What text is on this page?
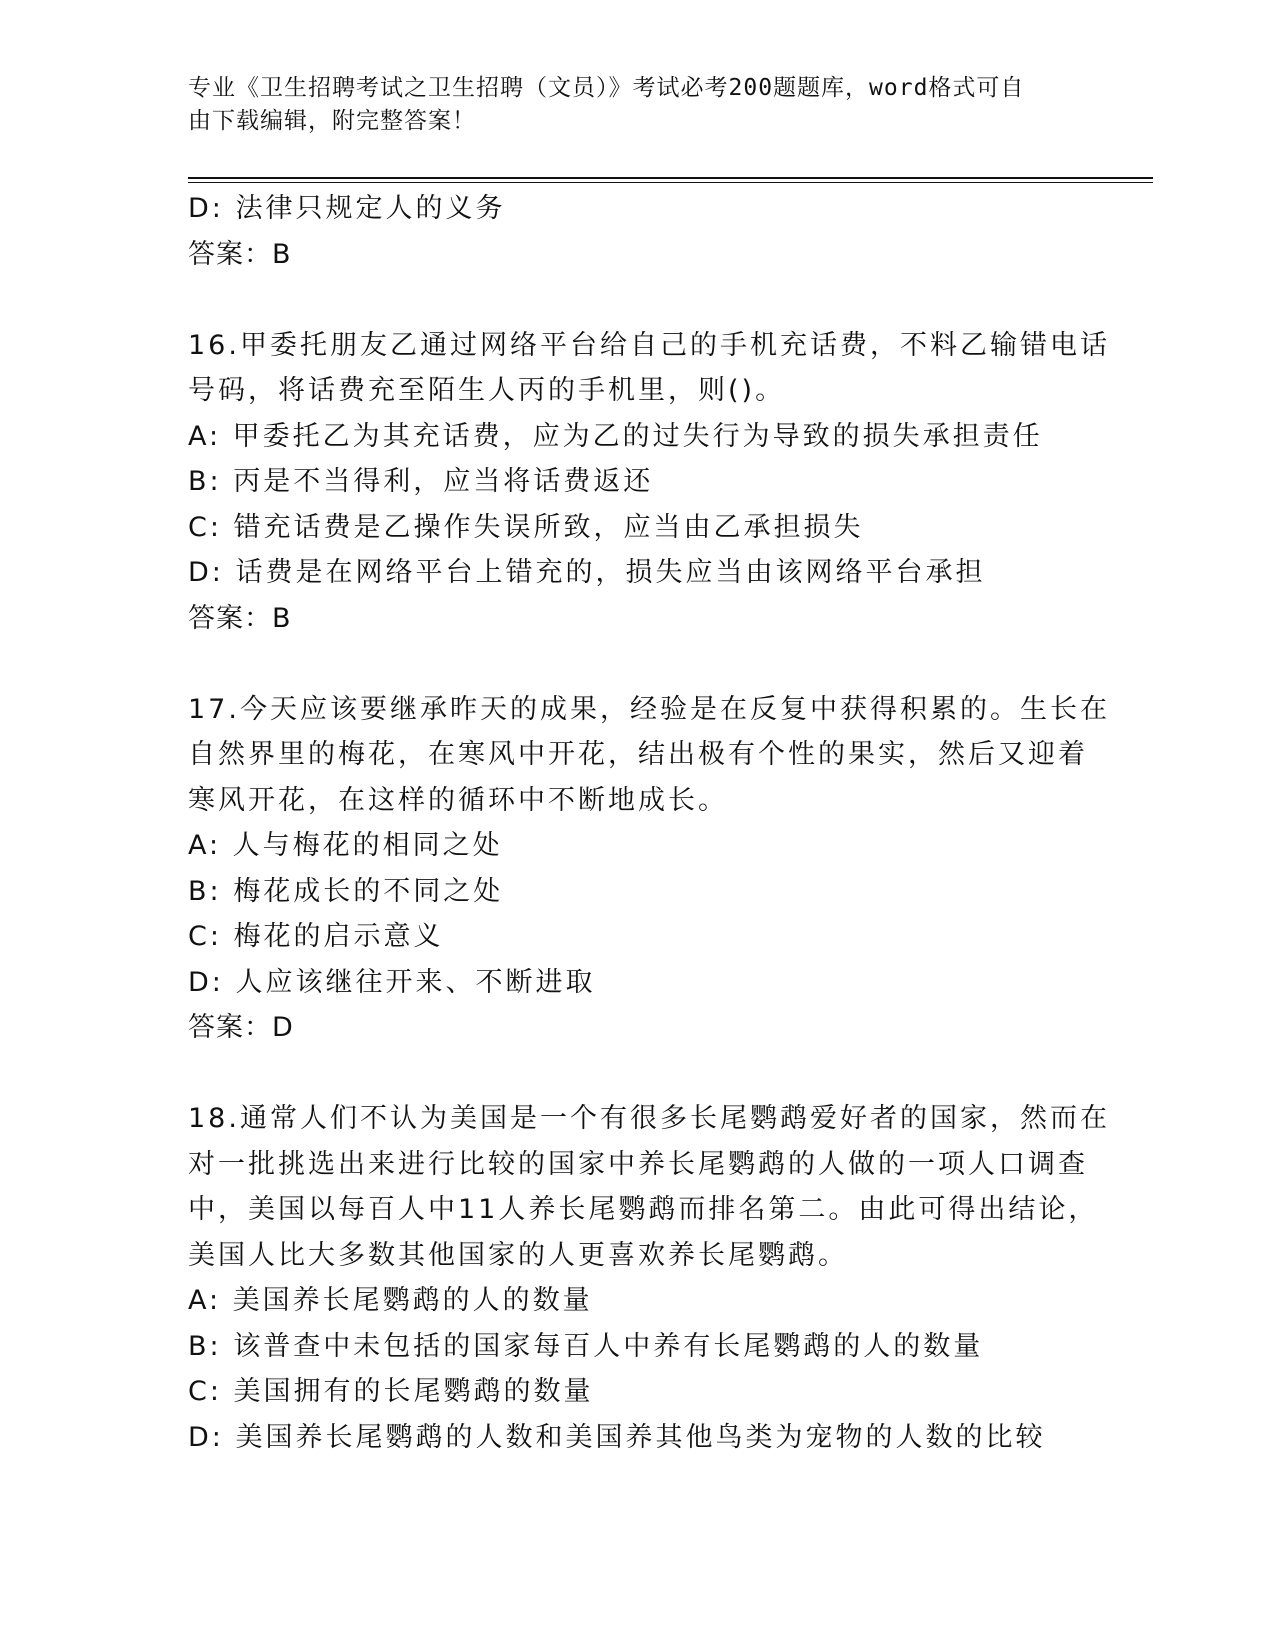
专业《卫生招聘考试之卫生招聘（文员）》考试必考200题题库，word格式可自
由下载编辑，附完整答案！
D: 法律只规定人的义务
答案：B
16.甲委托朋友乙通过网络平台给自己的手机充话费，不料乙输错电话
号码，将话费充至陌生人丙的手机里，则()。
A: 甲委托乙为其充话费，应为乙的过失行为导致的损失承担责任
B: 丙是不当得利，应当将话费返还
C: 错充话费是乙操作失误所致，应当由乙承担损失
D: 话费是在网络平台上错充的，损失应当由该网络平台承担
答案：B
17.今天应该要继承昨天的成果，经验是在反复中获得积累的。生长在
自然界里的梅花，在寒风中开花，结出极有个性的果实，然后又迎着
寒风开花，在这样的循环中不断地成长。
A: 人与梅花的相同之处
B: 梅花成长的不同之处
C: 梅花的启示意义
D: 人应该继往开来、不断进取
答案：D
18.通常人们不认为美国是一个有很多长尾鹦鹉爱好者的国家，然而在
对一批挑选出来进行比较的国家中养长尾鹦鹉的人做的一项人口调查
中，美国以每百人中11人养长尾鹦鹉而排名第二。由此可得出结论，
美国人比大多数其他国家的人更喜欢养长尾鹦鹉。
A: 美国养长尾鹦鹉的人的数量
B: 该普查中未包括的国家每百人中养有长尾鹦鹉的人的数量
C: 美国拥有的长尾鹦鹉的数量
D: 美国养长尾鹦鹉的人数和美国养其他鸟类为宠物的人数的比较
